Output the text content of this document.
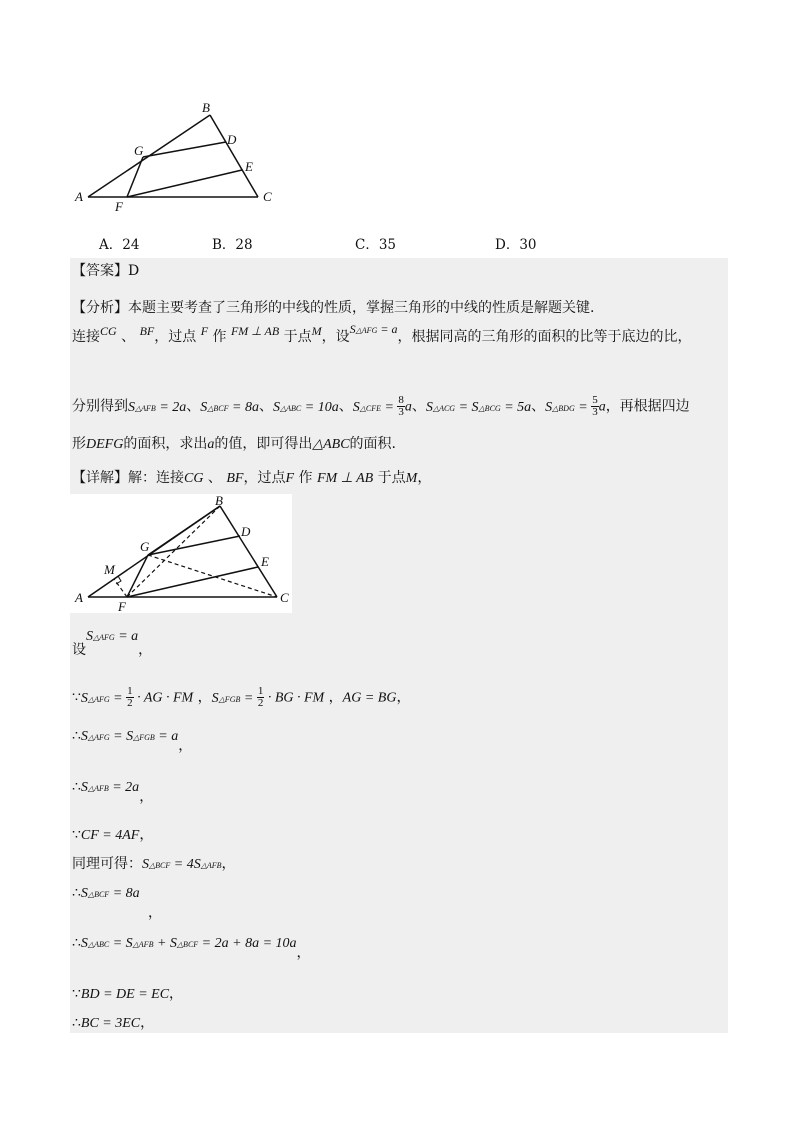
A
B
C
D
E
F
G
A．24	B．28	C．35	D．30
【答案】D
【分析】本题主要考查了三角形的中线的性质，掌握三角形的中线的性质是解题关键.
连接CG 、 BF，过点 F 作 FM ⊥ AB 于点M，设S△AFG = a，根据同高的三角形的面积的比等于底边的比，
分别得到S△AFB = 2a、S△BCF = 8a、S△ABC = 10a、S△CFE = $\frac{8}{3}$ a、S△ACG = S△BCG = 5a、S△BDG = $\frac{5}{3}$ a，再根据四边
形DEFG的面积，求出a的值，即可得出△ABC的面积.
【详解】解：连接CG 、 BF，过点F 作 FM ⊥ AB 于点M，
A
B
C
D
E
F
G
M
设S△AFG = a，
∵S△AFG = $\frac{1}{2}$ · AG · FM ，S△FGB = $\frac{1}{2}$ · BG · FM ，AG = BG，
∴S△AFG = S△FGB = a，
∴S△AFB = 2a，
∵CF = 4AF，
同理可得：S△BCF = 4S△AFB，
∴S△BCF = 8a
，
∴S△ABC = S△AFB + S△BCF = 2a + 8a = 10a，
∵BD = DE = EC，
∴BC = 3EC，
